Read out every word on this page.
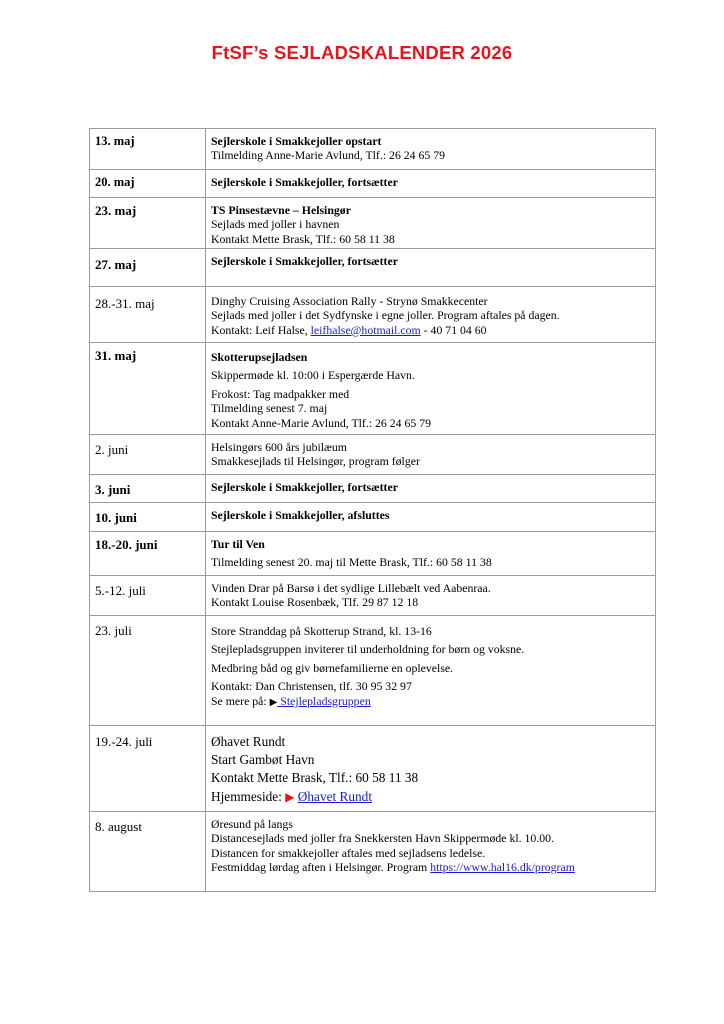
FtSF’s SEJLADSKALENDER 2026
13. maj	Sejlerskole i Smakkejoller opstart
Tilmelding Anne-Marie Avlund, Tlf.: 26 24 65 79

20. maj	Sejlerskole i Smakkejoller, fortsætter

23. maj	TS Pinsestævne – Helsingør
Sejlads med joller i havnen
Kontakt Mette Brask, Tlf.: 60 58 11 38

27. maj	Sejlerskole i Smakkejoller, fortsætter

28.-31. maj	Dinghy Cruising Association Rally - Strynø Smakkecenter
Sejlads med joller i det Sydfynske i egne joller. Program aftales på dagen.
Kontakt: Leif Halse, leifhalse@hotmail.com - 40 71 04 60

31. maj	Skotterupsejladsen
Skippermøde kl. 10:00 i Espergærde Havn.
Frokost: Tag madpakker med
Tilmelding senest 7. maj
Kontakt Anne-Marie Avlund, Tlf.: 26 24 65 79

2. juni	Helsingørs 600 års jubilæum
Smakkesejlads til Helsingør, program følger

3. juni	Sejlerskole i Smakkejoller, fortsætter

10. juni	Sejlerskole i Smakkejoller, afsluttes

18.-20. juni	Tur til Ven
Tilmelding senest 20. maj til Mette Brask, Tlf.: 60 58 11 38

5.-12. juli	Vinden Drar på Barsø i det sydlige Lillebælt ved Aabenraa.
Kontakt Louise Rosenbæk, Tlf. 29 87 12 18

23. juli	Store Stranddag på Skotterup Strand, kl. 13-16
Stejlepladsgruppen inviterer til underholdning for børn og voksne.
Medbring båd og giv børnefamilierne en oplevelse.
Kontakt: Dan Christensen, tlf. 30 95 32 97
Se mere på: ▶ Stejlepladsgruppen

19.-24. juli	Øhavet Rundt
Start Gambøt Havn
Kontakt Mette Brask, Tlf.: 60 58 11 38
Hjemmeside: ▶ Øhavet Rundt

8. august	Øresund på langs
Distancesejlads med joller fra Snekkersten Havn Skippermøde kl. 10.00.
Distancen for smakkejoller aftales med sejladsens ledelse.
Festmiddag lørdag aften i Helsingør. Program https://www.hal16.dk/program
